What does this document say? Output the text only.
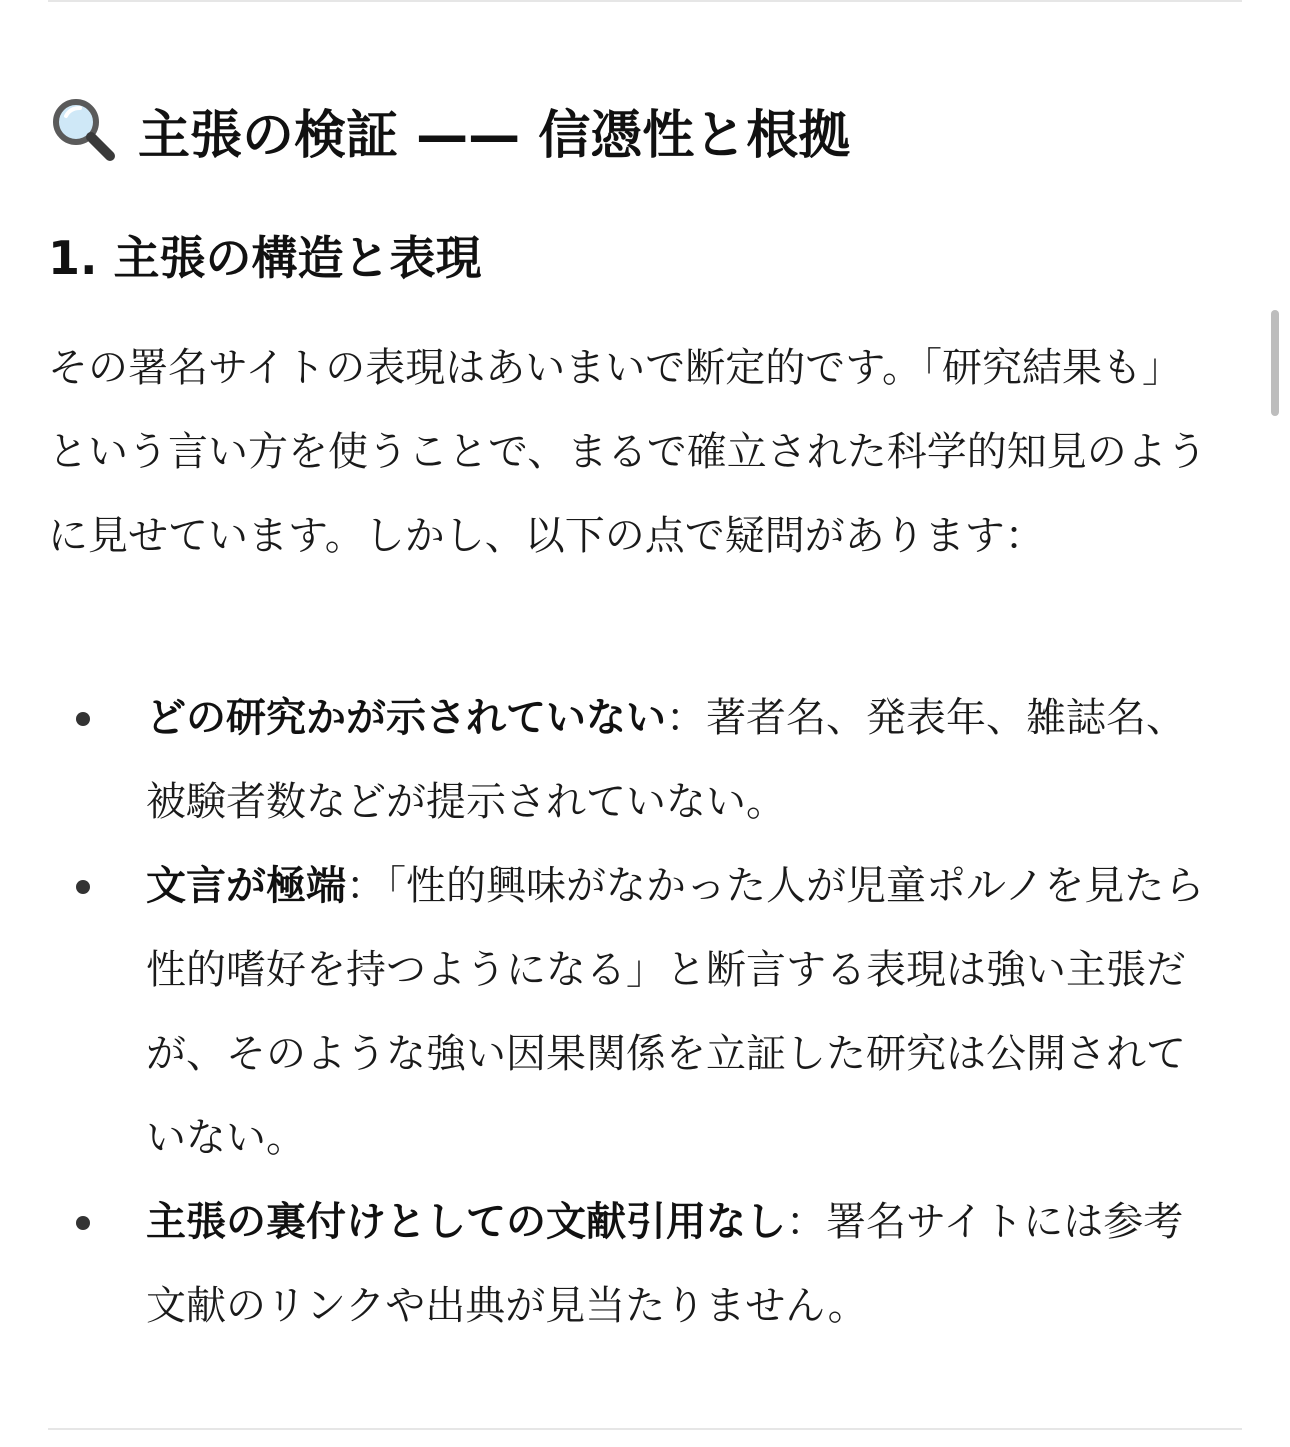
主張の検証 —— 信憑性と根拠
1. 主張の構造と表現

その署名サイトの表現はあいまいで断定的です。「研究結果も」という言い方を使うことで、まるで確立された科学的知見のように見せています。しかし、以下の点で疑問があります：

どの研究かが示されていない：著者名、発表年、雑誌名、被験者数などが提示されていない。
文言が極端：「性的興味がなかった人が児童ポルノを見たら性的嗜好を持つようになる」と断言する表現は強い主張だが、そのような強い因果関係を立証した研究は公開されていない。
主張の裏付けとしての文献引用なし：署名サイトには参考文献のリンクや出典が見当たりません。
